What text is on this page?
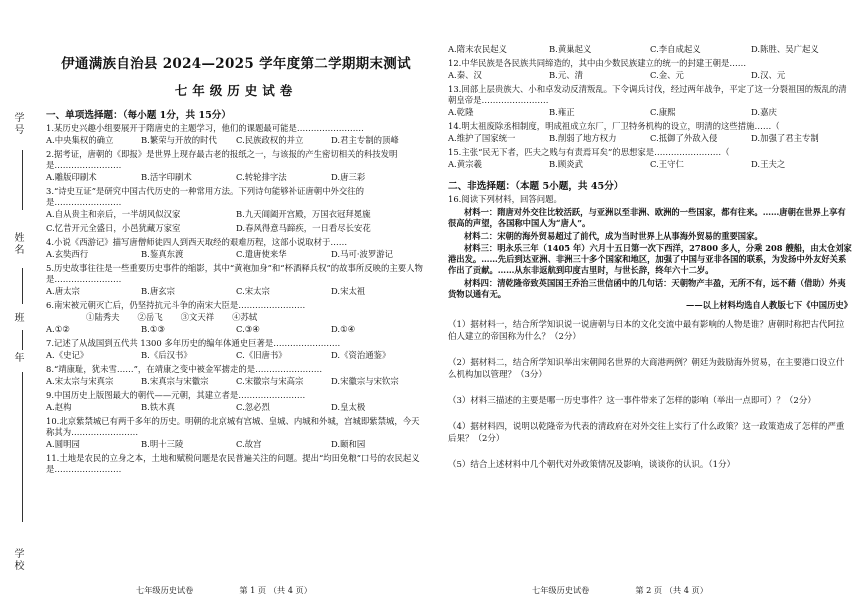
学号
姓名
班
年
学校
伊通满族自治县 2024—2025 学年度第二学期期末测试
七年级历史试卷
一、单项选择题：（每小题 1分，共 15分）
1.某历史兴趣小组要展开于隋唐史的主题学习，他们的课题最可能是……………………
A.中央集权的确立	B.繁荣与开放的时代	C.民族政权的并立	D.君主专制的顶峰
2.据考证，唐朝的《即报》是世界上现存最古老的报纸之一，与该报的产生密切相关的科技发明是……………………
A.雕版印刷术	B.活字印刷术	C.转轮排字法	D.唐三彩
3.“诗史互证”是研究中国古代历史的一种常用方法。下列诗句能够补证唐朝中外交往的是……………………
A.自从贵主和亲后，一半胡风似汉家	B.九天阊阖开宫殿，万国衣冠拜冕旒
C.忆昔开元全盛日，小邑犹藏万家室	D.春风得意马蹄疾，一日看尽长安花
4.小说《西游记》描写唐僧师徒四人到西天取经的艰难历程，这部小说取材于……
A.玄奘西行	B.鉴真东渡	C.遣唐使来华	D.马可·波罗游记
5.历史故事往往是一些重要历史事件的缩影，其中“黄袍加身”和“杯酒释兵权”的故事所反映的主要人物是……………………
A.唐太宗	B.唐玄宗	C.宋太宗	D.宋太祖
6.南宋被元朝灭亡后，仍坚持抗元斗争的南宋大臣是……………………
①陆秀夫 ②岳飞 ③文天祥 ④苏轼
A.①②	B.①③	C.③④	D.①④
7.记述了从战国到五代共 1300 多年历史的编年体通史巨著是……………………
A.《史记》	B.《后汉书》	C.《旧唐书》	D.《资治通鉴》
8.“靖康耻，犹未雪……”，在靖康之变中被金军掳走的是……………………
A.宋太宗与宋真宗	B.宋真宗与宋徽宗	C.宋徽宗与宋高宗	D.宋徽宗与宋钦宗
9.中国历史上版图最大的朝代——元朝，其建立者是……………………
A.赵构	B.铁木真	C.忽必烈	D.皇太极
10.北京紫禁城已有两千多年的历史。明朝的北京城有宫城、皇城、内城和外城，宫城即紫禁城，今天称其为……………………
A.圆明园	B.明十三陵	C.故宫	D.颐和园
11.土地是农民的立身之本，土地和赋税问题是农民普遍关注的问题。提出“均田免粮”口号的农民起义是……………………
七年级历史试卷	第 1 页 （共 4 页）
A.隋末农民起义	B.黄巢起义	C.李自成起义	D.陈胜、吴广起义
12.中华民族是各民族共同缔造的，其中由少数民族建立的统一的封建王朝是……
A.秦、汉	B.元、清	C.金、元	D.汉、元
13.回部上层贵族大、小和卓发动反清叛乱。下令调兵讨伐，经过两年战争，平定了这一分裂祖国的叛乱的清朝皇帝是……………………
A.乾隆	B.雍正	C.康熙	D.嘉庆
14.明太祖废除丞相制度，明成祖成立东厂，厂卫特务机构的设立，明清的这些措施……（
A.维护了国家统一	B.削弱了地方权力	C.抵御了外敌入侵	D.加强了君主专制
15.主张“民无下者，匹夫之贱与有责焉耳矣”的思想家是……………………（
A.黄宗羲	B.顾炎武	C.王守仁	D.王夫之
二、非选择题：（本题 5小题，共 45分）
16.阅读下列材料，回答问题。
材料一：隋唐对外交往比较活跃，与亚洲以至非洲、欧洲的一些国家，都有往来。……唐朝在世界上享有很高的声望，各国称中国人为“唐人”。
材料二：宋朝的海外贸易超过了前代，成为当时世界上从事海外贸易的重要国家。
材料三：明永乐三年（1405 年）六月十五日第一次下西洋，27800 多人，分乘 208 艘船，由太仓刘家港出发。……先后到达亚洲、非洲三十多个国家和地区，加强了中国与亚非各国的联系，为发扬中外友好关系作出了贡献。……从东非返航到印度古里时，与世长辞，终年六十二岁。
材料四：清乾隆帝致英国国王乔治三世信函中的几句话：天朝物产丰盈，无所不有，远不藉（借助）外夷货物以通有无。
——以上材料均选自人教版七下《中国历史》
（1）据材料一，结合所学知识说一说唐朝与日本的文化交流中最有影响的人物是谁？唐朝时称把古代阿拉伯人建立的帝国称为什么？（2分）
（2）据材料二，结合所学知识举出宋朝闻名世界的大商港两例？朝廷为鼓励海外贸易，在主要港口设立什么机构加以管理？（3分）
（3）材料三描述的主要是哪一历史事件？这一事件带来了怎样的影响（举出一点即可）？（2分）
（4）据材料四，说明以乾隆帝为代表的清政府在对外交往上实行了什么政策？这一政策造成了怎样的严重后果？（2分）
（5）结合上述材料中几个朝代对外政策情况及影响，谈谈你的认识。（1分）
七年级历史试卷	第 2 页 （共 4 页）
